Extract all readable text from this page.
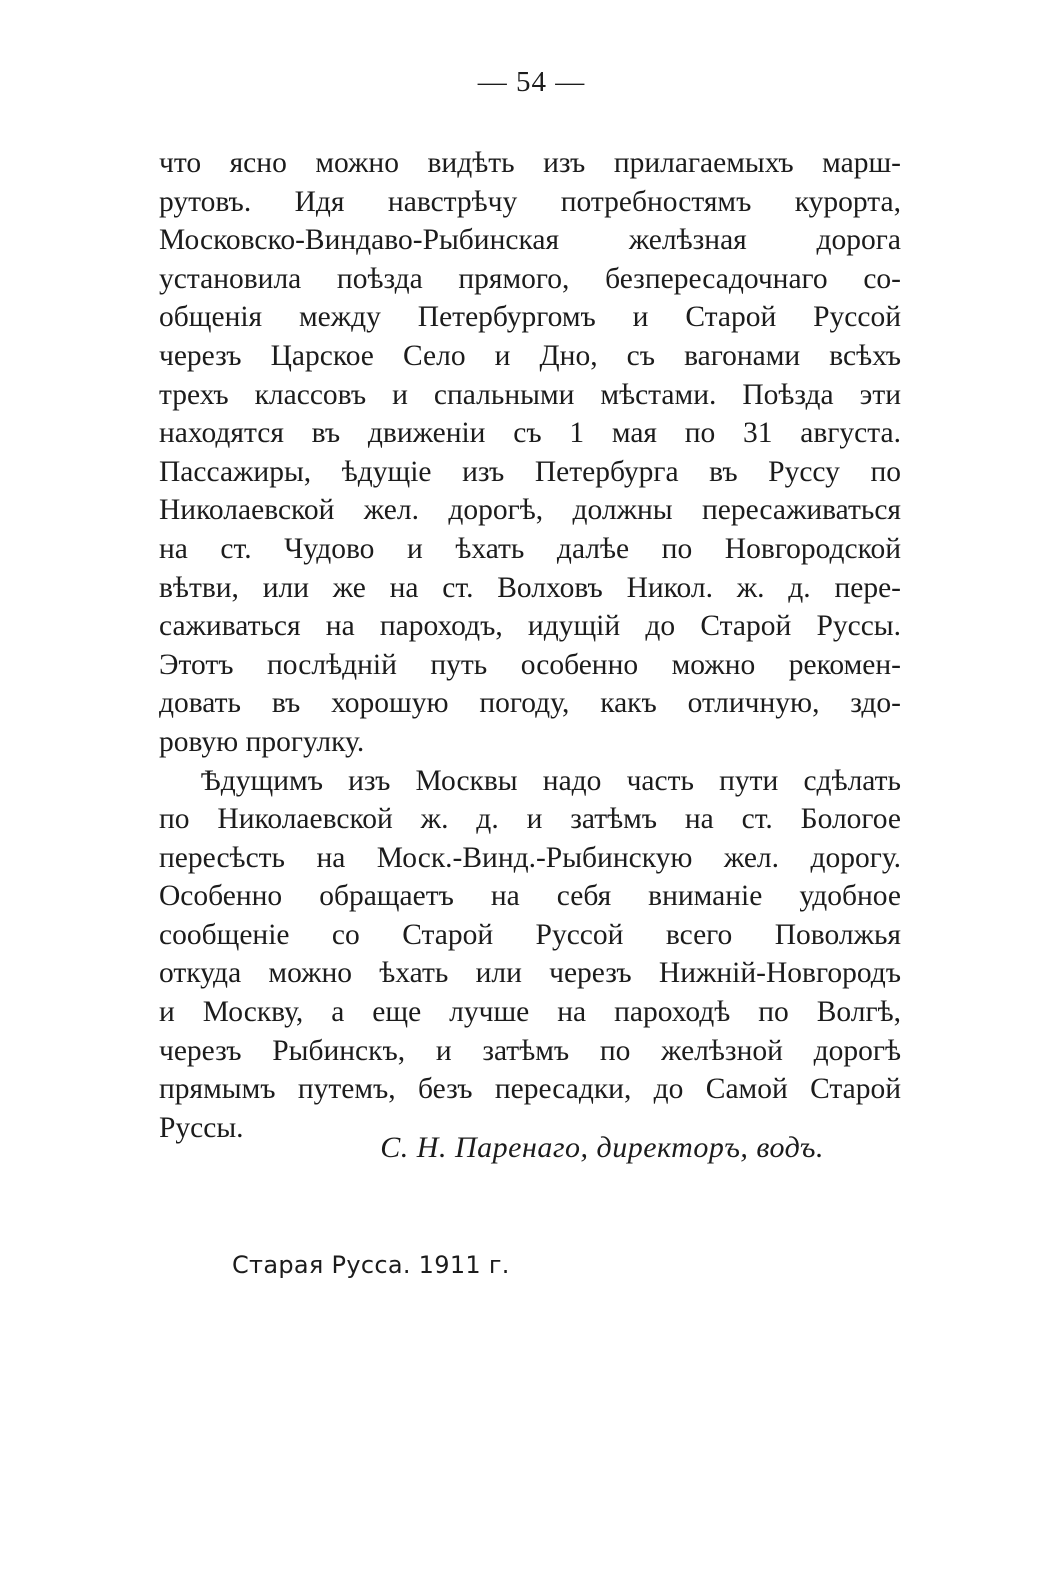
— 54 —
что ясно можно видѣть изъ прилагаемыхъ марш-
рутовъ. Идя навстрѣчу потребностямъ курорта,
Московско-Виндаво-Рыбинская желѣзная дорога
установила поѣзда прямого, безпересадочнаго со-
общенія между Петербургомъ и Старой Руссой
черезъ Царское Село и Дно, съ вагонами всѣхъ
трехъ классовъ и спальными мѣстами. Поѣзда эти
находятся въ движеніи съ 1 мая по 31 августа.
Пассажиры, ѣдущіе изъ Петербурга въ Руссу по
Николаевской жел. дорогѣ, должны пересаживаться
на ст. Чудово и ѣхать далѣе по Новгородской
вѣтви, или же на ст. Волховъ Никол. ж. д. пере-
саживаться на пароходъ, идущій до Старой Руссы.
Этотъ послѣдній путь особенно можно рекомен-
довать въ хорошую погоду, какъ отличную, здо-
ровую прогулку.
Ѣдущимъ изъ Москвы надо часть пути сдѣлать
по Николаевской ж. д. и затѣмъ на ст. Бологое
пересѣсть на Моск.-Винд.-Рыбинскую жел. дорогу.
Особенно обращаетъ на себя вниманіе удобное
сообщеніе со Старой Руссой всего Поволжья
откуда можно ѣхать или черезъ Нижній-Новгородъ
и Москву, а еще лучше на пароходѣ по Волгѣ,
черезъ Рыбинскъ, и затѣмъ по желѣзной дорогѣ
прямымъ путемъ, безъ пересадки, до Самой Старой
Руссы.
С. Н. Паренаго, директоръ, водъ.
Старая Русса. 1911 г.
